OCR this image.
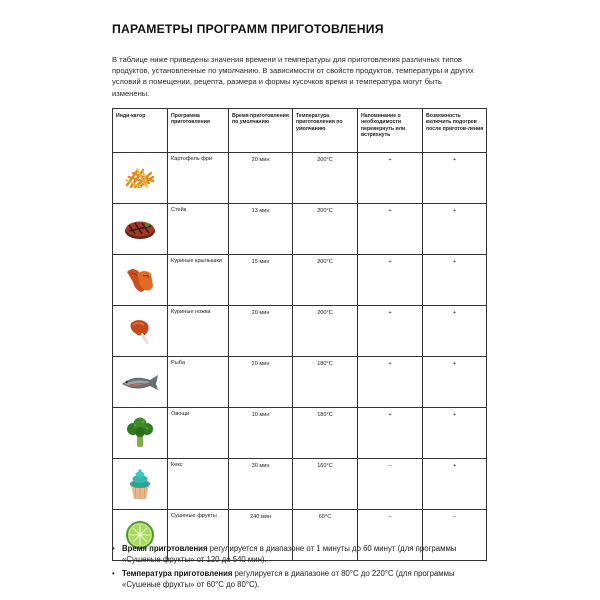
ПАРАМЕТРЫ ПРОГРАММ ПРИГОТОВЛЕНИЯ

В таблице ниже приведены значения времени и температуры для приготовления различных типов продуктов, установленные по умолчанию. В зависимости от свойств продуктов, температуры и других условий в помещении, рецепта, размера и формы кусочков время и температура могут быть изменены.

Инди-катор	Программа приготовления	Время приготовления по умолчанию	Температура приготовления по умолчанию	Напоминание о необходимости перевернуть или встряхнуть	Возможность включить подогрев после приготов-ления

	Картофель фри	20 мин	200°C	+	+

	Стейк	13 мин	200°C	+	+

	Куриные крылышки	15 мин	200°C	+	+

	Куриные ножки	20 мин	200°C	+	+

	Рыба	20 мин	180°C	+	+

	Овощи	10 мин	180°C	+	+

	Кекс	30 мин	160°C	–	+

	Сушеные фрукты	240 мин	60°C	–	–
• Время приготовления регулируется в диапазоне от 1 минуты до 60 минут (для программы «Сушеные фрукты» от 120 до 540 мин).
• Температура приготовления регулируется в диапазоне от 80°C до 220°C (для программы «Сушеные фрукты» от 60°C до 80°C).
